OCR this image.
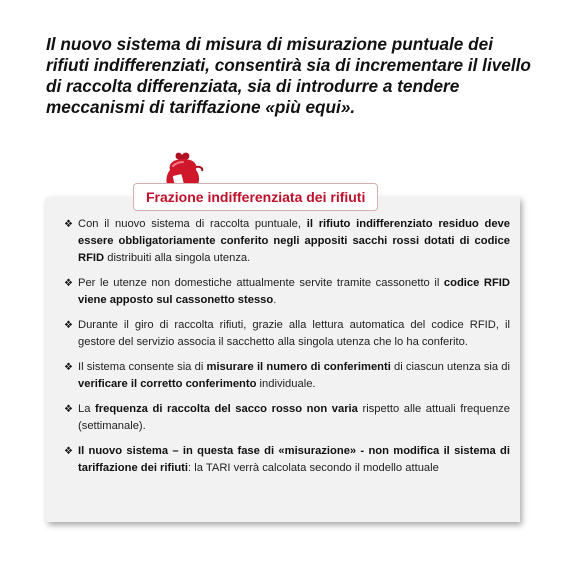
Il nuovo sistema di misura di misurazione puntuale dei rifiuti indifferenziati, consentirà sia di incrementare il livello di raccolta differenziata, sia di introdurre a tendere meccanismi di tariffazione «più equi».

Frazione indifferenziata dei rifiuti
❖ Con il nuovo sistema di raccolta puntuale, il rifiuto indifferenziato residuo deve essere obbligatoriamente conferito negli appositi sacchi rossi dotati di codice RFID distribuiti alla singola utenza.
❖ Per le utenze non domestiche attualmente servite tramite cassonetto il codice RFID viene apposto sul cassonetto stesso.
❖ Durante il giro di raccolta rifiuti, grazie alla lettura automatica del codice RFID, il gestore del servizio associa il sacchetto alla singola utenza che lo ha conferito.
❖ Il sistema consente sia di misurare il numero di conferimenti di ciascun utenza sia di verificare il corretto conferimento individuale.
❖ La frequenza di raccolta del sacco rosso non varia rispetto alle attuali frequenze (settimanale).
❖ Il nuovo sistema – in questa fase di «misurazione» - non modifica il sistema di tariffazione dei rifiuti: la TARI verrà calcolata secondo il modello attuale
